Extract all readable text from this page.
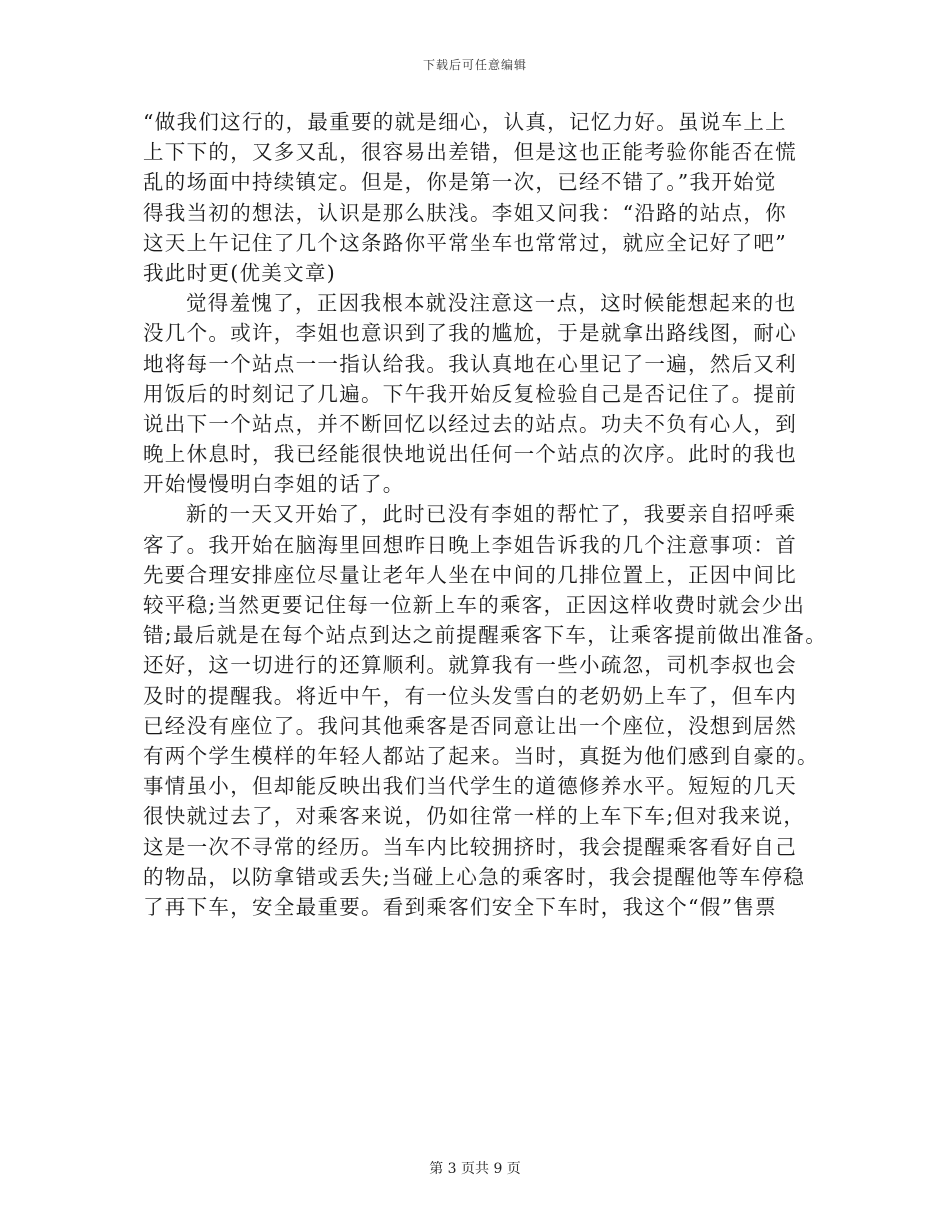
下载后可任意编辑
“做我们这行的，最重要的就是细心，认真，记忆力好。虽说车上上
上下下的，又多又乱，很容易出差错，但是这也正能考验你能否在慌
乱的场面中持续镇定。但是，你是第一次，已经不错了。”我开始觉
得我当初的想法，认识是那么肤浅。李姐又问我：“沿路的站点，你
这天上午记住了几个这条路你平常坐车也常常过，就应全记好了吧”
我此时更(优美文章)
觉得羞愧了，正因我根本就没注意这一点，这时候能想起来的也
没几个。或许，李姐也意识到了我的尴尬，于是就拿出路线图，耐心
地将每一个站点一一指认给我。我认真地在心里记了一遍，然后又利
用饭后的时刻记了几遍。下午我开始反复检验自己是否记住了。提前
说出下一个站点，并不断回忆以经过去的站点。功夫不负有心人，到
晚上休息时，我已经能很快地说出任何一个站点的次序。此时的我也
开始慢慢明白李姐的话了。
新的一天又开始了，此时已没有李姐的帮忙了，我要亲自招呼乘
客了。我开始在脑海里回想昨日晚上李姐告诉我的几个注意事项：首
先要合理安排座位尽量让老年人坐在中间的几排位置上，正因中间比
较平稳;当然更要记住每一位新上车的乘客，正因这样收费时就会少出
错;最后就是在每个站点到达之前提醒乘客下车，让乘客提前做出准备。
还好，这一切进行的还算顺利。就算我有一些小疏忽，司机李叔也会
及时的提醒我。将近中午，有一位头发雪白的老奶奶上车了，但车内
已经没有座位了。我问其他乘客是否同意让出一个座位，没想到居然
有两个学生模样的年轻人都站了起来。当时，真挺为他们感到自豪的。
事情虽小，但却能反映出我们当代学生的道德修养水平。短短的几天
很快就过去了，对乘客来说，仍如往常一样的上车下车;但对我来说，
这是一次不寻常的经历。当车内比较拥挤时，我会提醒乘客看好自己
的物品，以防拿错或丢失;当碰上心急的乘客时，我会提醒他等车停稳
了再下车，安全最重要。看到乘客们安全下车时，我这个“假”售票
第 3 页共 9 页
